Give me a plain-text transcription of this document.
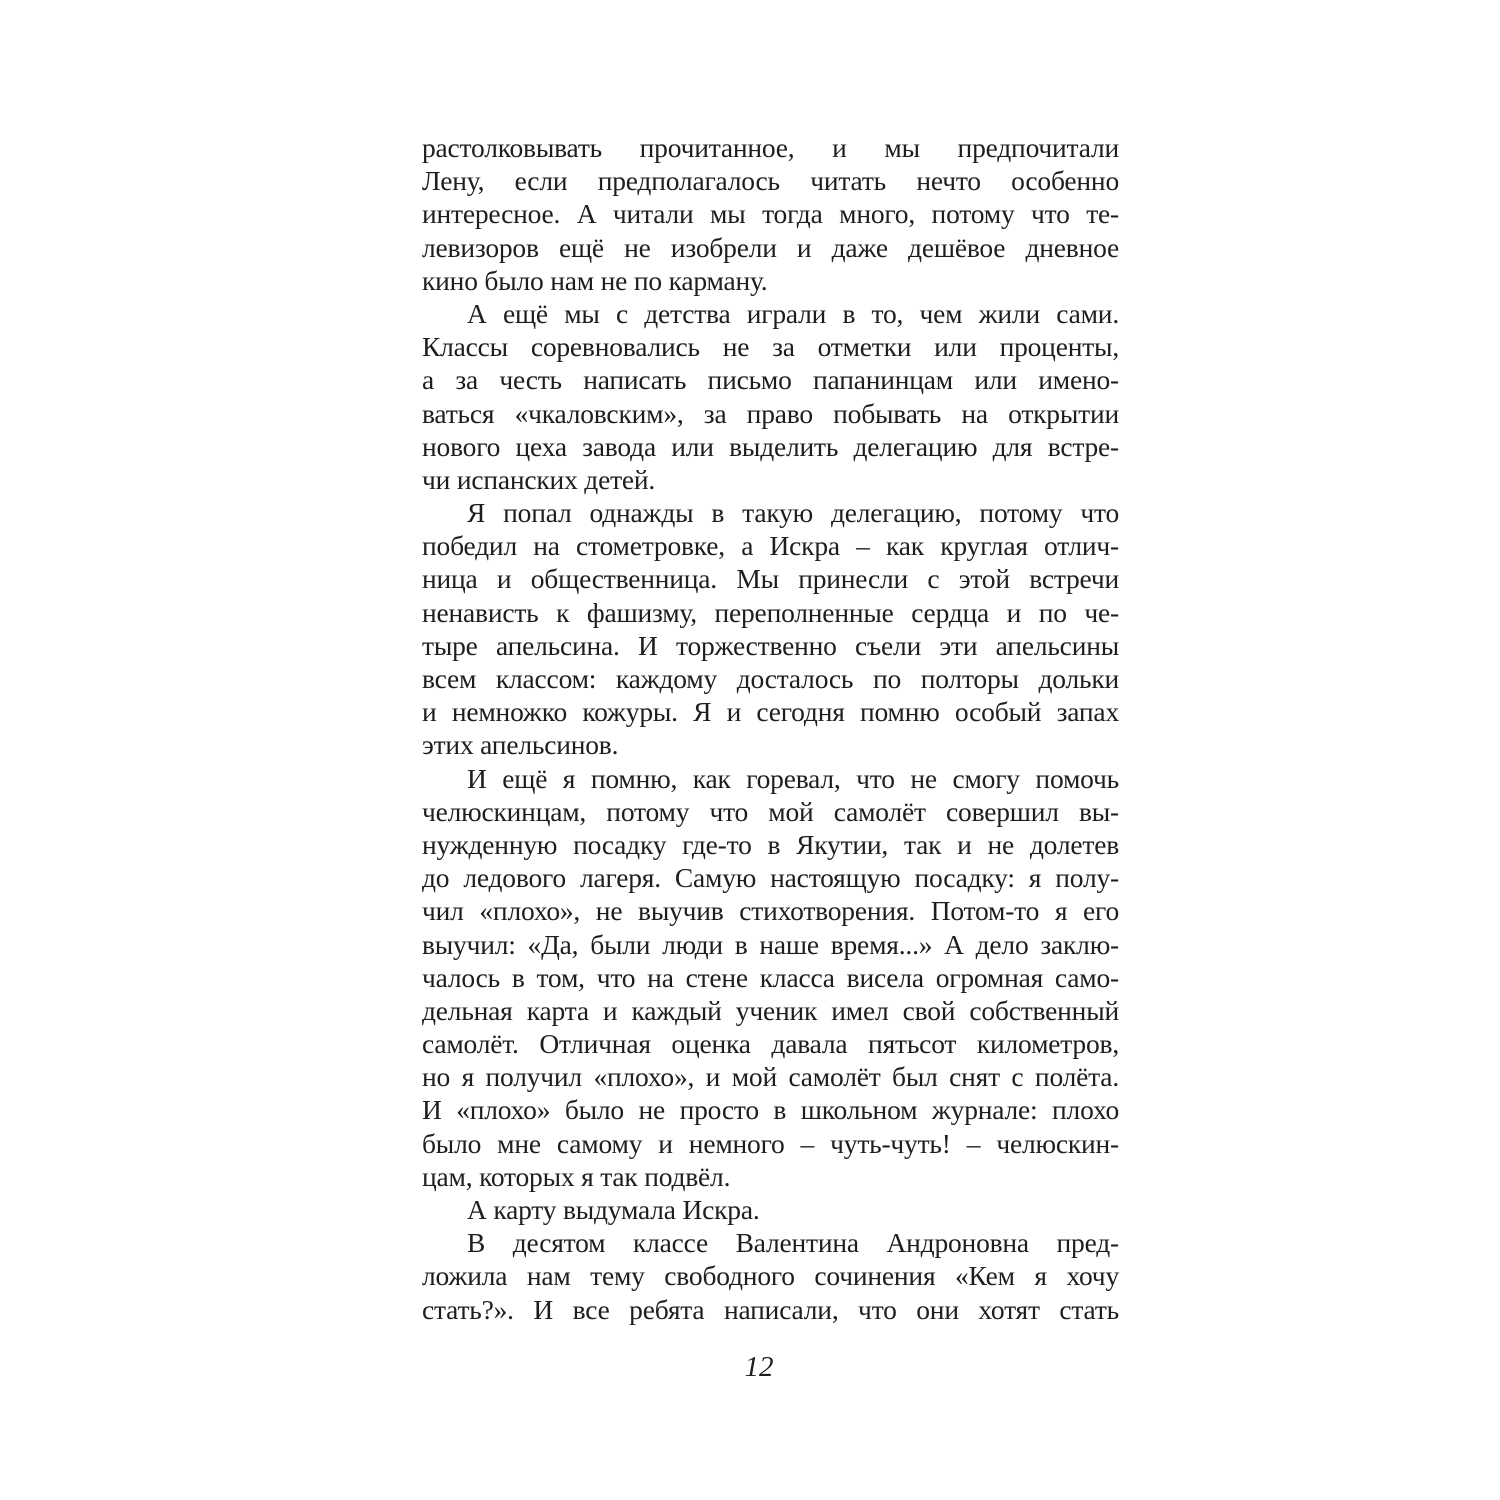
растолковывать прочитанное, и мы предпочитали
Лену, если предполагалось читать нечто особенно
интересное. А читали мы тогда много, потому что те-
левизоров ещё не изобрели и даже дешёвое дневное
кино было нам не по карману.
А ещё мы с детства играли в то, чем жили сами.
Классы соревновались не за отметки или проценты,
а за честь написать письмо папанинцам или имено-
ваться «чкаловским», за право побывать на открытии
нового цеха завода или выделить делегацию для встре-
чи испанских детей.
Я попал однажды в такую делегацию, потому что
победил на стометровке, а Искра – как круглая отлич-
ница и общественница. Мы принесли с этой встречи
ненависть к фашизму, переполненные сердца и по че-
тыре апельсина. И торжественно съели эти апельсины
всем классом: каждому досталось по полторы дольки
и немножко кожуры. Я и сегодня помню особый запах
этих апельсинов.
И ещё я помню, как горевал, что не смогу помочь
челюскинцам, потому что мой самолёт совершил вы-
нужденную посадку где-то в Якутии, так и не долетев
до ледового лагеря. Самую настоящую посадку: я полу-
чил «плохо», не выучив стихотворения. Потом-то я его
выучил: «Да, были люди в наше время...» А дело заклю-
чалось в том, что на стене класса висела огромная само-
дельная карта и каждый ученик имел свой собственный
самолёт. Отличная оценка давала пятьсот километров,
но я получил «плохо», и мой самолёт был снят с полёта.
И «плохо» было не просто в школьном журнале: плохо
было мне самому и немного – чуть-чуть! – челюскин-
цам, которых я так подвёл.
А карту выдумала Искра.
В десятом классе Валентина Андроновна пред-
ложила нам тему свободного сочинения «Кем я хочу
стать?». И все ребята написали, что они хотят стать
12
